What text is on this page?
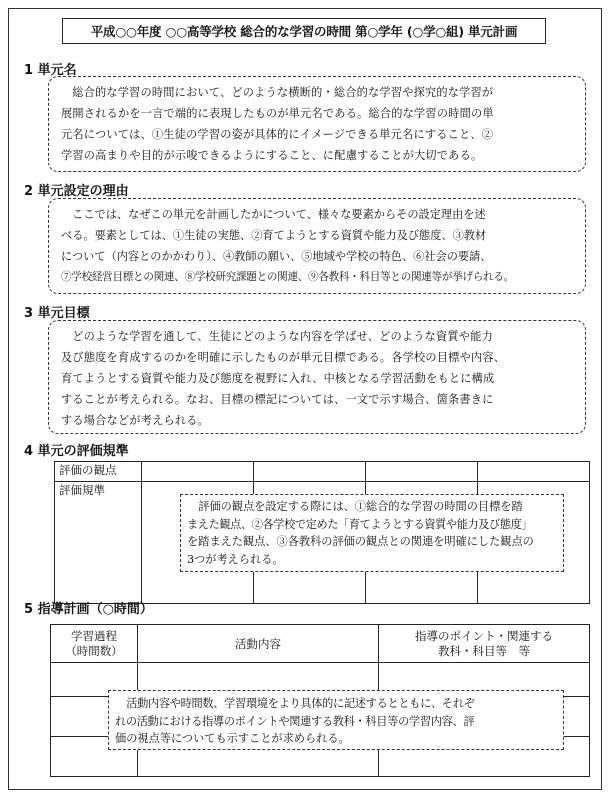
平成○○年度 ○○高等学校 総合的な学習の時間 第○学年 (○学○組) 単元計画
1 単元名
総合的な学習の時間において、どのような横断的・総合的な学習や探究的な学習が
展開されるかを一言で端的に表現したものが単元名である。総合的な学習の時間の単
元名については、①生徒の学習の姿が具体的にイメージできる単元名にすること、②
学習の高まりや目的が示唆できるようにすること、に配慮することが大切である。
2 単元設定の理由
ここでは、なぜこの単元を計画したかについて、様々な要素からその設定理由を述
べる。要素としては、①生徒の実態、②育てようとする資質や能力及び態度、③教材
について（内容とのかかわり）、④教師の願い、⑤地域や学校の特色、⑥社会の要請、
⑦学校経営目標との関連、⑧学校研究課題との関連、⑨各教科・科目等との関連等が挙げられる。
3 単元目標
どのような学習を通して、生徒にどのような内容を学ばせ、どのような資質や能力
及び態度を育成するのかを明確に示したものが単元目標である。各学校の目標や内容、
育てようとする資質や能力及び態度を視野に入れ、中核となる学習活動をもとに構成
することが考えられる。なお、目標の標記については、一文で示す場合、箇条書きに
する場合などが考えられる。
4 単元の評価規準
評価の観点				
評価規準				
評価の観点を設定する際には、①総合的な学習の時間の目標を踏
まえた観点、②各学校で定めた「育てようとする資質や能力及び態度」
を踏まえた観点、③各教科の評価の観点との関連を明確にした観点の
3つが考えられる。
5 指導計画（○時間）
学習過程
（時間数）	活動内容	指導のポイント・関連する
教科・科目等　等

活動内容や時間数、学習環境をより具体的に記述するとともに、それぞ
れの活動における指導のポイントや関連する教科・科目等の学習内容、評
価の視点等についても示すことが求められる。
